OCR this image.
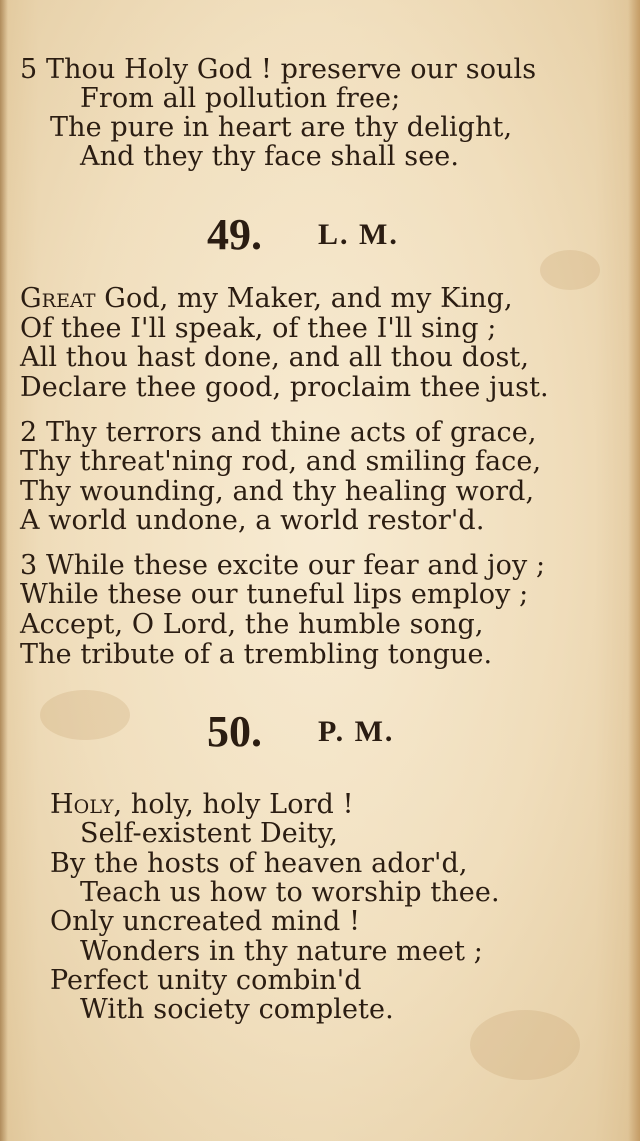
5 Thou Holy God ! preserve our souls
From all pollution free;
The pure in heart are thy delight,
And they thy face shall see.
49. L. M.
Great God, my Maker, and my King,
Of thee I'll speak, of thee I'll sing ;
All thou hast done, and all thou dost,
Declare thee good, proclaim thee just.
2 Thy terrors and thine acts of grace,
Thy threat'ning rod, and smiling face,
Thy wounding, and thy healing word,
A world undone, a world restor'd.
3 While these excite our fear and joy ;
While these our tuneful lips employ ;
Accept, O Lord, the humble song,
The tribute of a trembling tongue.
50. P. M.
Holy, holy, holy Lord !
Self-existent Deity,
By the hosts of heaven ador'd,
Teach us how to worship thee.
Only uncreated mind !
Wonders in thy nature meet ;
Perfect unity combin'd
With society complete.
